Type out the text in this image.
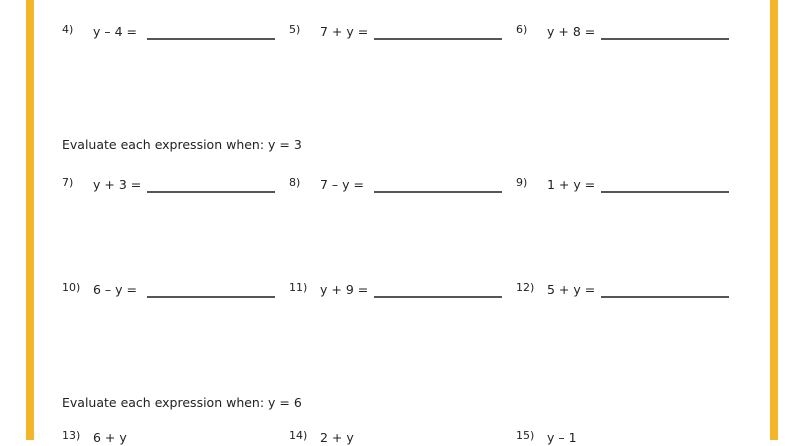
4) y – 4 =	5) 7 + y =	6) y + 8 =
7) y + 3 =	8) 7 – y =	9) 1 + y =
10) 6 – y =	11) y + 9 =	12) 5 + y =
13) 6 + y	14) 2 + y	15) y – 1
Evaluate each expression when: y = 3
Evaluate each expression when: y = 6
